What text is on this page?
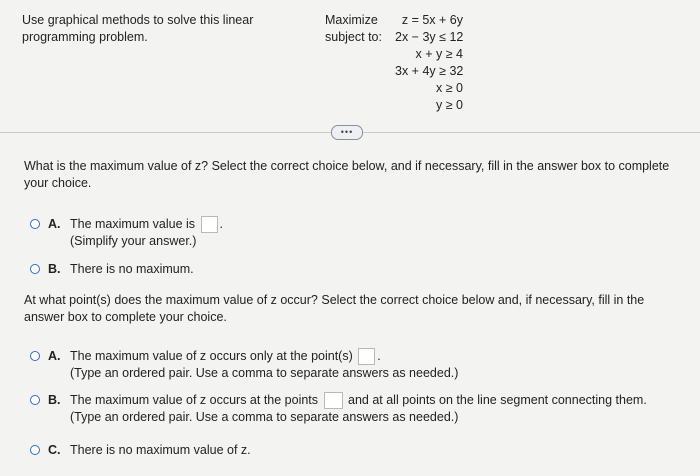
Use graphical methods to solve this linear programming problem.
Maximize
subject to:
z = 5x + 6y
2x − 3y ≤ 12
x + y ≥ 4
3x + 4y ≥ 32
x ≥ 0
y ≥ 0
•••
What is the maximum value of z? Select the correct choice below, and if necessary, fill in the answer box to complete your choice.
A. The maximum value is .
(Simplify your answer.)
B. There is no maximum.
At what point(s) does the maximum value of z occur? Select the correct choice below and, if necessary, fill in the answer box to complete your choice.
A. The maximum value of z occurs only at the point(s) .
(Type an ordered pair. Use a comma to separate answers as needed.)
B. The maximum value of z occurs at the points and at all points on the line segment connecting them.
(Type an ordered pair. Use a comma to separate answers as needed.)
C. There is no maximum value of z.
